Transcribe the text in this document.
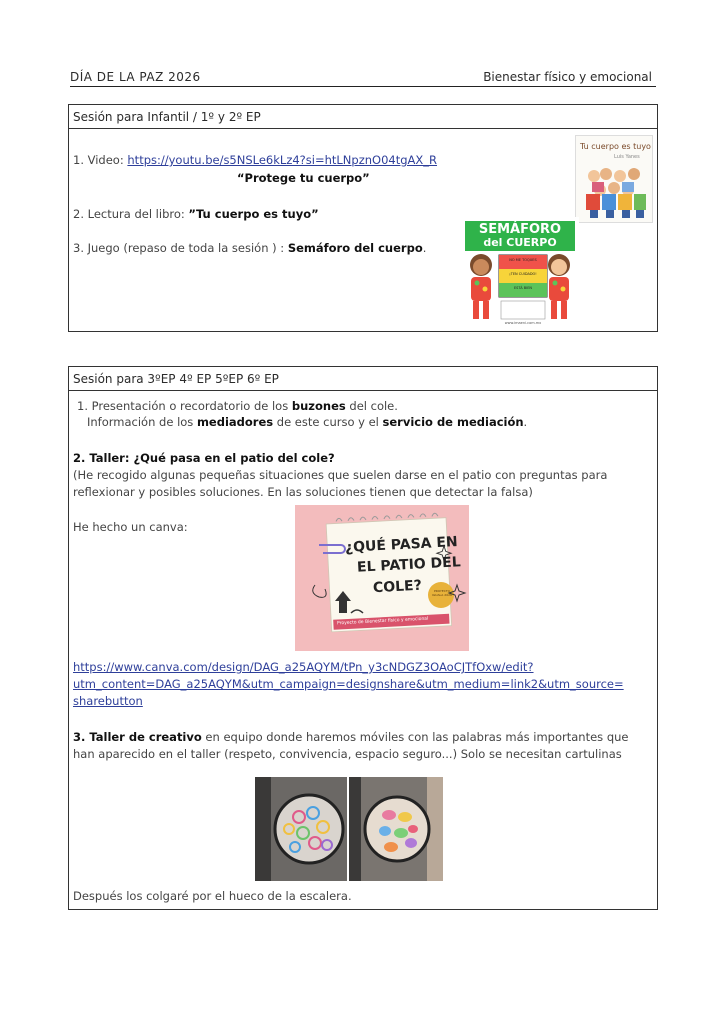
DÍA DE LA PAZ 2026	Bienestar físico y emocional
Sesión para Infantil / 1º y 2º EP
1. Video: https://youtu.be/s5NSLe6kLz4?si=htLNpznO04tgAX_R
“Protege tu cuerpo”
2. Lectura del libro: ”Tu cuerpo es tuyo”
3. Juego (repaso de toda la sesión ) : Semáforo del cuerpo.
Tu cuerpo es tuyo
Luis Yanes
SEMÁFORO
del CUERPO
NO ME TOQUES
¡TEN CUIDADO!
ESTÁ BIEN
www.imaeni.com.mx
Sesión para 3ºEP 4º EP 5ºEP 6º EP
1. Presentación o recordatorio de los buzones del cole.
Información de los mediadores de este curso y el servicio de mediación.
2. Taller: ¿Qué pasa en el patio del cole?
(He recogido algunas pequeñas situaciones que suelen darse en el patio con preguntas para
reflexionar y posibles soluciones. En las soluciones tienen que detectar la falsa)
He hecho un canva:
¿QUÉ PASA EN
EL PATIO DEL
COLE?	PROYECTO IGUALA 2026
Proyecto de Bienestar físico y emocional
https://www.canva.com/design/DAG_a25AQYM/tPn_y3cNDGZ3OAoCJTfOxw/edit?
utm_content=DAG_a25AQYM&utm_campaign=designshare&utm_medium=link2&utm_source=
sharebutton
3. Taller de creativo en equipo donde haremos móviles con las palabras más importantes que
han aparecido en el taller (respeto, convivencia, espacio seguro...) Solo se necesitan cartulinas
Después los colgaré por el hueco de la escalera.
